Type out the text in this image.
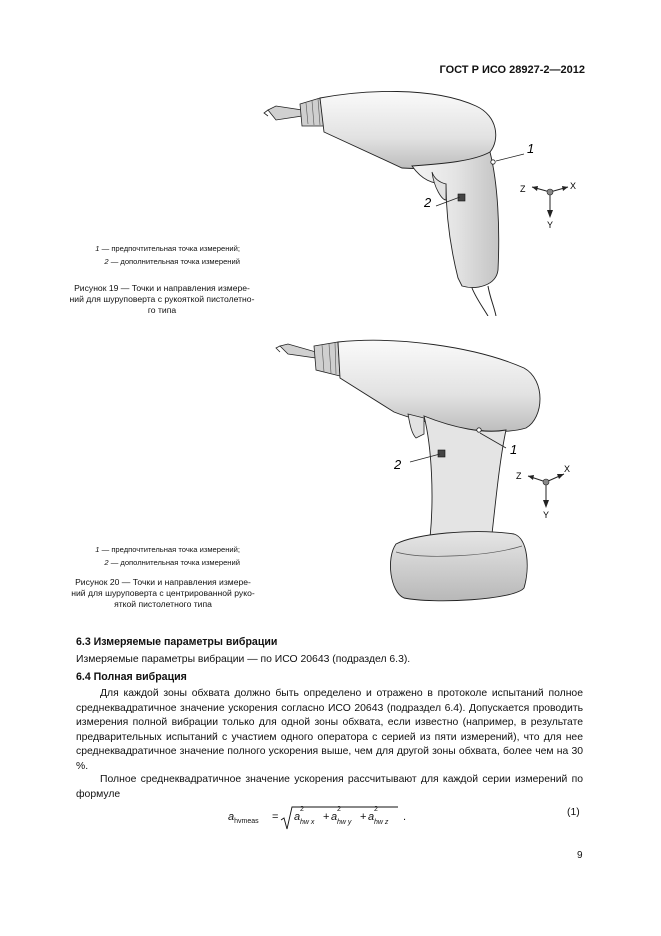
ГОСТ Р ИСО 28927-2—2012
1
2
X
Z
Y
1 — предпочтительная точка измерений;
2 — дополнительная точка измерений
Рисунок 19 — Точки и направления измере-
ний для шуруповерта с рукояткой пистолетно-
го типа
1
2	X
Z
Y
1 — предпочтительная точка измерений;
2 — дополнительная точка измерений
Рисунок 20 — Точки и направления измере-
ний для шуруповерта с центрированной руко-
яткой пистолетного типа
6.3 Измеряемые параметры вибрации
Измеряемые параметры вибрации — по ИСО 20643 (подраздел 6.3).
6.4 Полная вибрация
Для каждой зоны обхвата должно быть определено и отражено в протоколе испытаний полное среднеквадратичное значение ускорения согласно ИСО 20643 (подраздел 6.4). Допускается проводить измерения полной вибрации только для одной зоны обхвата, если известно (например, в результате предварительных испытаний с участием одного оператора с серией из пяти измерений), что для нее среднеквадратичное значение полного ускорения выше, чем для другой зоны обхвата, более чем на 30 %.
Полное среднеквадратичное значение ускорения рассчитывают для каждой серии измерений по формуле
$a_{hvmeas} = a$
2
hw x + a
2
hw y + a
2
hw z .	(1)
9
